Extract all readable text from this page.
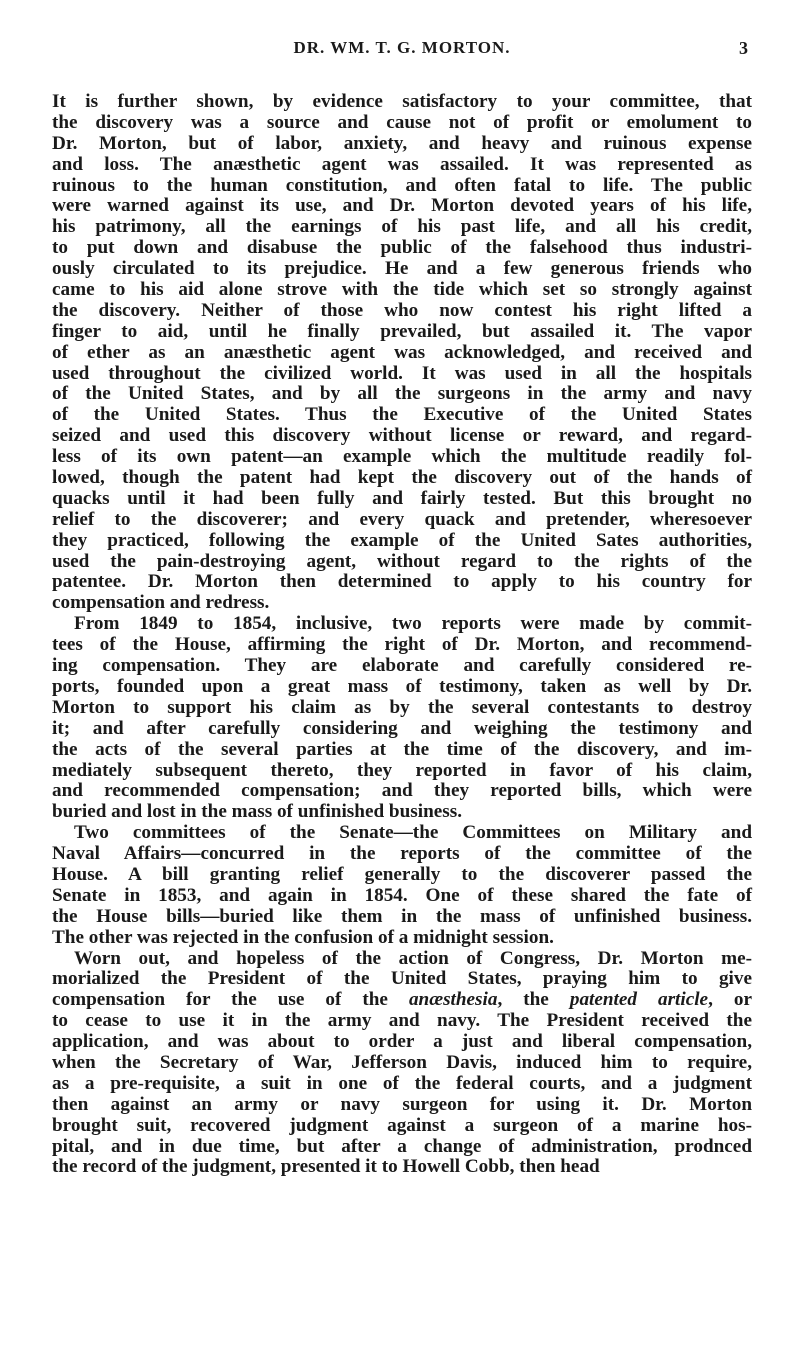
DR. WM. T. G. MORTON.	3
It is further shown, by evidence satisfactory to your committee, that
the discovery was a source and cause not of profit or emolument to
Dr. Morton, but of labor, anxiety, and heavy and ruinous expense
and loss. The anæsthetic agent was assailed. It was represented as
ruinous to the human constitution, and often fatal to life. The public
were warned against its use, and Dr. Morton devoted years of his life,
his patrimony, all the earnings of his past life, and all his credit,
to put down and disabuse the public of the falsehood thus industri-
ously circulated to its prejudice. He and a few generous friends who
came to his aid alone strove with the tide which set so strongly against
the discovery. Neither of those who now contest his right lifted a
finger to aid, until he finally prevailed, but assailed it. The vapor
of ether as an anæsthetic agent was acknowledged, and received and
used throughout the civilized world. It was used in all the hospitals
of the United States, and by all the surgeons in the army and navy
of the United States. Thus the Executive of the United States
seized and used this discovery without license or reward, and regard-
less of its own patent—an example which the multitude readily fol-
lowed, though the patent had kept the discovery out of the hands of
quacks until it had been fully and fairly tested. But this brought no
relief to the discoverer; and every quack and pretender, wheresoever
they practiced, following the example of the United Sates authorities,
used the pain-destroying agent, without regard to the rights of the
patentee. Dr. Morton then determined to apply to his country for
compensation and redress.
From 1849 to 1854, inclusive, two reports were made by commit-
tees of the House, affirming the right of Dr. Morton, and recommend-
ing compensation. They are elaborate and carefully considered re-
ports, founded upon a great mass of testimony, taken as well by Dr.
Morton to support his claim as by the several contestants to destroy
it; and after carefully considering and weighing the testimony and
the acts of the several parties at the time of the discovery, and im-
mediately subsequent thereto, they reported in favor of his claim,
and recommended compensation; and they reported bills, which were
buried and lost in the mass of unfinished business.
Two committees of the Senate—the Committees on Military and
Naval Affairs—concurred in the reports of the committee of the
House. A bill granting relief generally to the discoverer passed the
Senate in 1853, and again in 1854. One of these shared the fate of
the House bills—buried like them in the mass of unfinished business.
The other was rejected in the confusion of a midnight session.
Worn out, and hopeless of the action of Congress, Dr. Morton me-
morialized the President of the United States, praying him to give
compensation for the use of the anæsthesia, the patented article, or
to cease to use it in the army and navy. The President received the
application, and was about to order a just and liberal compensation,
when the Secretary of War, Jefferson Davis, induced him to require,
as a pre-requisite, a suit in one of the federal courts, and a judgment
then against an army or navy surgeon for using it. Dr. Morton
brought suit, recovered judgment against a surgeon of a marine hos-
pital, and in due time, but after a change of administration, prodnced
the record of the judgment, presented it to Howell Cobb, then head
